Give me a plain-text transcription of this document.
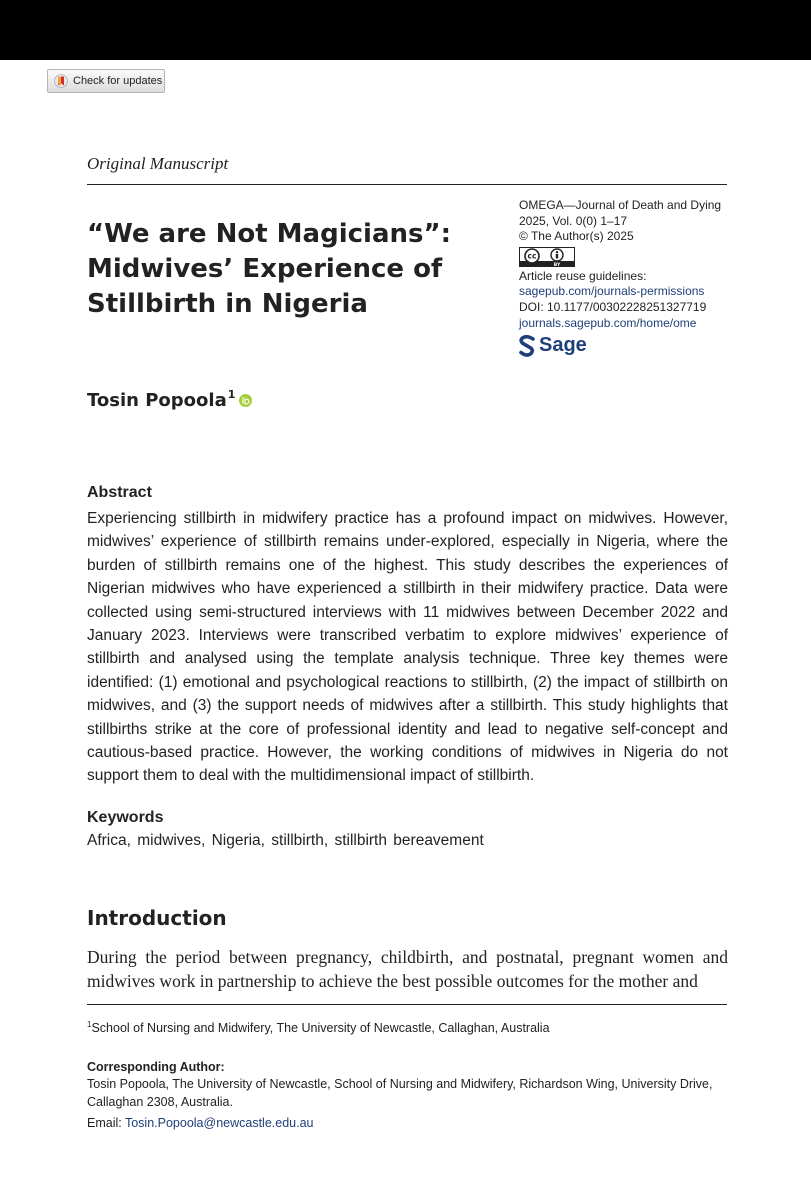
Check for updates
Original Manuscript
“We are Not Magicians”: Midwives’ Experience of Stillbirth in Nigeria
OMEGA—Journal of Death and Dying
2025, Vol. 0(0) 1–17
© The Author(s) 2025
cc
BY
Article reuse guidelines:
sagepub.com/journals-permissions
DOI: 10.1177/00302228251327719
journals.sagepub.com/home/ome
Sage
Tosin Popoola$^1$
Abstract

Experiencing stillbirth in midwifery practice has a profound impact on midwives. However, midwives’ experience of stillbirth remains under-explored, especially in Nigeria, where the burden of stillbirth remains one of the highest. This study describes the experiences of Nigerian midwives who have experienced a stillbirth in their midwifery practice. Data were collected using semi-structured interviews with 11 midwives between December 2022 and January 2023. Interviews were transcribed verbatim to explore midwives’ experience of stillbirth and analysed using the template analysis technique. Three key themes were identified: (1) emotional and psychological reactions to stillbirth, (2) the impact of stillbirth on midwives, and (3) the support needs of midwives after a stillbirth. This study highlights that stillbirths strike at the core of professional identity and lead to negative self-concept and cautious-based practice. However, the working conditions of midwives in Nigeria do not support them to deal with the multidimensional impact of stillbirth.

Keywords
Africa, midwives, Nigeria, stillbirth, stillbirth bereavement
Introduction

During the period between pregnancy, childbirth, and postnatal, pregnant women and midwives work in partnership to achieve the best possible outcomes for the mother and

$^1$School of Nursing and Midwifery, The University of Newcastle, Callaghan, Australia
Corresponding Author:

Tosin Popoola, The University of Newcastle, School of Nursing and Midwifery, Richardson Wing, University Drive, Callaghan 2308, Australia.

Email: Tosin.Popoola@newcastle.edu.au
